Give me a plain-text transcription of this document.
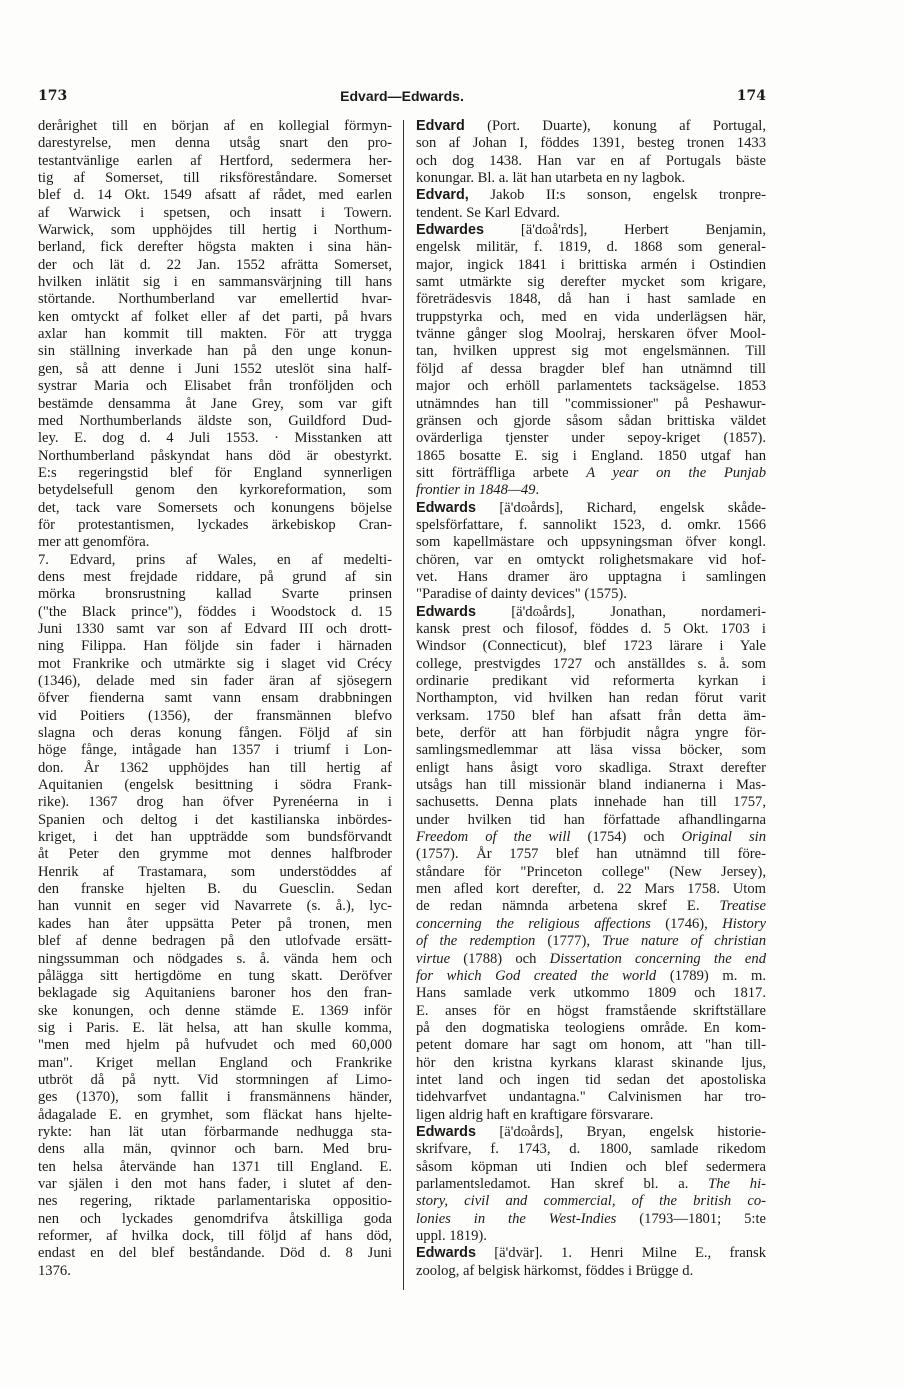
173	Edvard—Edwards.	174
derårighet till en början af en kollegial förmyn-
darestyrelse, men denna utsåg snart den pro-
testantvänlige earlen af Hertford, sedermera her-
tig af Somerset, till riksföreståndare. Somerset
blef d. 14 Okt. 1549 afsatt af rådet, med earlen
af Warwick i spetsen, och insatt i Towern.
Warwick, som upphöjdes till hertig i Northum-
berland, fick derefter högsta makten i sina hän-
der och lät d. 22 Jan. 1552 afrätta Somerset,
hvilken inlätit sig i en sammansvärjning till hans
störtande. Northumberland var emellertid hvar-
ken omtyckt af folket eller af det parti, på hvars
axlar han kommit till makten. För att trygga
sin ställning inverkade han på den unge konun-
gen, så att denne i Juni 1552 uteslöt sina half-
systrar Maria och Elisabet från tronföljden och
bestämde densamma åt Jane Grey, som var gift
med Northumberlands äldste son, Guildford Dud-
ley. E. dog d. 4 Juli 1553. · Misstanken att
Northumberland påskyndat hans död är obestyrkt.
E:s regeringstid blef för England synnerligen
betydelsefull genom den kyrkoreformation, som
det, tack vare Somersets och konungens böjelse
för protestantismen, lyckades ärkebiskop Cran-
mer att genomföra.
7. Edvard, prins af Wales, en af medelti-
dens mest frejdade riddare, på grund af sin
mörka bronsrustning kallad Svarte prinsen
("the Black prince"), föddes i Woodstock d. 15
Juni 1330 samt var son af Edvard III och drott-
ning Filippa. Han följde sin fader i härnaden
mot Frankrike och utmärkte sig i slaget vid Crécy
(1346), delade med sin fader äran af sjösegern
öfver fienderna samt vann ensam drabbningen
vid Poitiers (1356), der fransmännen blefvo
slagna och deras konung fången. Följd af sin
höge fånge, intågade han 1357 i triumf i Lon-
don. År 1362 upphöjdes han till hertig af
Aquitanien (engelsk besittning i södra Frank-
rike). 1367 drog han öfver Pyrenéerna in i
Spanien och deltog i det kastilianska inbördes-
kriget, i det han uppträdde som bundsförvandt
åt Peter den grymme mot dennes halfbroder
Henrik af Trastamara, som understöddes af
den franske hjelten B. du Guesclin. Sedan
han vunnit en seger vid Navarrete (s. å.), lyc-
kades han åter uppsätta Peter på tronen, men
blef af denne bedragen på den utlofvade ersätt-
ningssumman och nödgades s. å. vända hem och
pålägga sitt hertigdöme en tung skatt. Deröfver
beklagade sig Aquitaniens baroner hos den fran-
ske konungen, och denne stämde E. 1369 inför
sig i Paris. E. lät helsa, att han skulle komma,
"men med hjelm på hufvudet och med 60,000
man". Kriget mellan England och Frankrike
utbröt då på nytt. Vid stormningen af Limo-
ges (1370), som fallit i fransmännens händer,
ådagalade E. en grymhet, som fläckat hans hjelte-
rykte: han lät utan förbarmande nedhugga sta-
dens alla män, qvinnor och barn. Med bru-
ten helsa återvände han 1371 till England. E.
var själen i den mot hans fader, i slutet af den-
nes regering, riktade parlamentariska oppositio-
nen och lyckades genomdrifva åtskilliga goda
reformer, af hvilka dock, till följd af hans död,
endast en del blef beståndande. Död d. 8 Juni
1376.
Edvard (Port. Duarte), konung af Portugal,
son af Johan I, föddes 1391, besteg tronen 1433
och dog 1438. Han var en af Portugals bäste
konungar. Bl. a. lät han utarbeta en ny lagbok.
Edvard, Jakob II:s sonson, engelsk tronpre-
tendent. Se Karl Edvard.
Edwardes [ä'dɷå'rds], Herbert Benjamin,
engelsk militär, f. 1819, d. 1868 som general-
major, ingick 1841 i brittiska armén i Ostindien
samt utmärkte sig derefter mycket som krigare,
företrädesvis 1848, då han i hast samlade en
truppstyrka och, med en vida underlägsen här,
tvänne gånger slog Moolraj, herskaren öfver Mool-
tan, hvilken upprest sig mot engelsmännen. Till
följd af dessa bragder blef han utnämnd till
major och erhöll parlamentets tacksägelse. 1853
utnämndes han till "commissioner" på Peshawur-
gränsen och gjorde såsom sådan brittiska väldet
ovärderliga tjenster under sepoy-kriget (1857).
1865 bosatte E. sig i England. 1850 utgaf han
sitt förträffliga arbete A year on the Punjab
frontier in 1848—49.
Edwards [ä'dɷårds], Richard, engelsk skåde-
spelsförfattare, f. sannolikt 1523, d. omkr. 1566
som kapellmästare och uppsyningsman öfver kongl.
chören, var en omtyckt rolighetsmakare vid hof-
vet. Hans dramer äro upptagna i samlingen
"Paradise of dainty devices" (1575).
Edwards [ä'dɷårds], Jonathan, nordameri-
kansk prest och filosof, föddes d. 5 Okt. 1703 i
Windsor (Connecticut), blef 1723 lärare i Yale
college, prestvigdes 1727 och anställdes s. å. som
ordinarie predikant vid reformerta kyrkan i
Northampton, vid hvilken han redan förut varit
verksam. 1750 blef han afsatt från detta äm-
bete, derför att han förbjudit några yngre för-
samlingsmedlemmar att läsa vissa böcker, som
enligt hans åsigt voro skadliga. Straxt derefter
utsågs han till missionär bland indianerna i Mas-
sachusetts. Denna plats innehade han till 1757,
under hvilken tid han författade afhandlingarna
Freedom of the will (1754) och Original sin
(1757). År 1757 blef han utnämnd till före-
ståndare för "Princeton college" (New Jersey),
men afled kort derefter, d. 22 Mars 1758. Utom
de redan nämnda arbetena skref E. Treatise
concerning the religious affections (1746), History
of the redemption (1777), True nature of christian
virtue (1788) och Dissertation concerning the end
for which God created the world (1789) m. m.
Hans samlade verk utkommo 1809 och 1817.
E. anses för en högst framstående skriftställare
på den dogmatiska teologiens område. En kom-
petent domare har sagt om honom, att "han till-
hör den kristna kyrkans klarast skinande ljus,
intet land och ingen tid sedan det apostoliska
tidehvarfvet undantagna." Calvinismen har tro-
ligen aldrig haft en kraftigare försvarare.
Edwards [ä'dɷårds], Bryan, engelsk historie-
skrifvare, f. 1743, d. 1800, samlade rikedom
såsom köpman uti Indien och blef sedermera
parlamentsledamot. Han skref bl. a. The hi-
story, civil and commercial, of the british co-
lonies in the West-Indies (1793—1801; 5:te
uppl. 1819).
Edwards [ä'dvär]. 1. Henri Milne E., fransk
zoolog, af belgisk härkomst, föddes i Brügge d.
